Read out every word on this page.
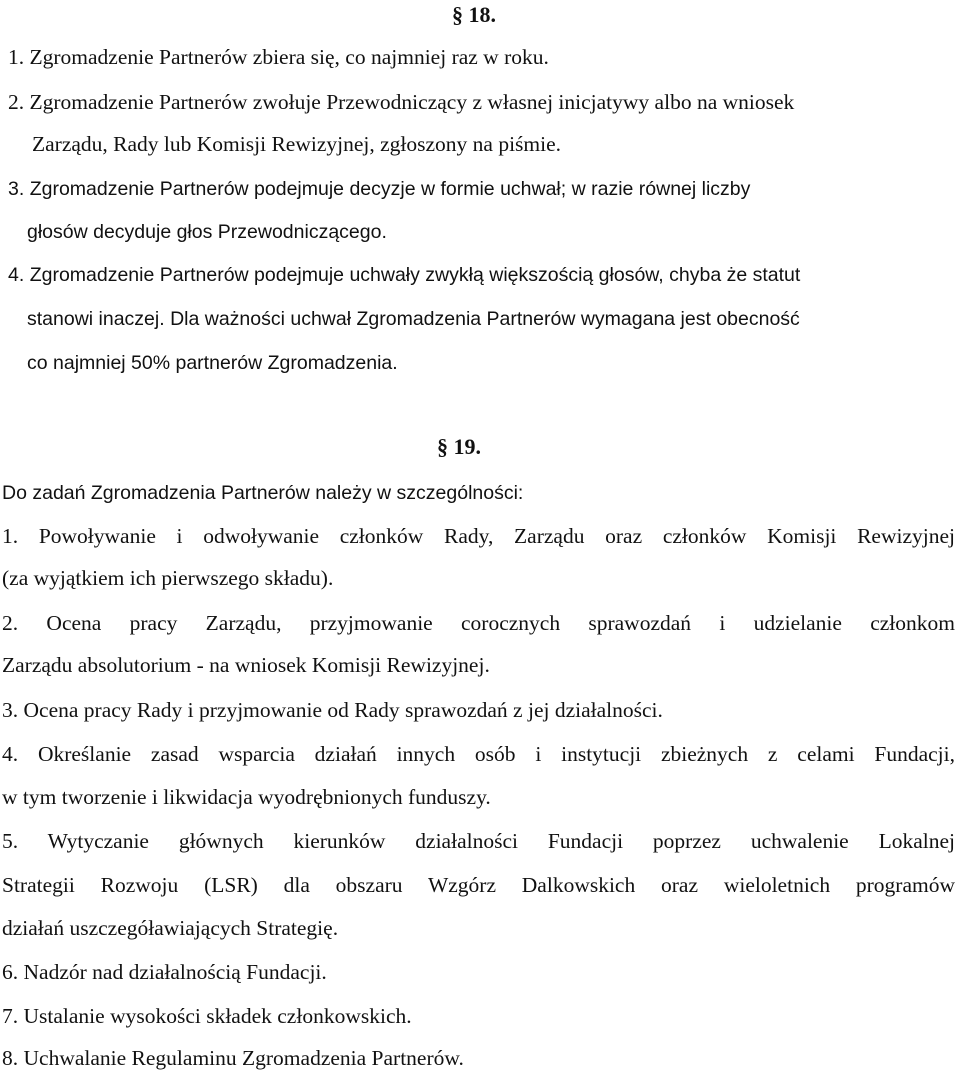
§ 18.
1. Zgromadzenie Partnerów zbiera się, co najmniej raz w roku.
2. Zgromadzenie Partnerów zwołuje Przewodniczący z własnej inicjatywy albo na wniosek
Zarządu, Rady lub Komisji Rewizyjnej, zgłoszony na piśmie.
3. Zgromadzenie Partnerów podejmuje decyzje w formie uchwał; w razie równej liczby
głosów decyduje głos Przewodniczącego.
4. Zgromadzenie Partnerów podejmuje uchwały zwykłą większością głosów, chyba że statut
stanowi inaczej. Dla ważności uchwał Zgromadzenia Partnerów wymagana jest obecność
co najmniej 50% partnerów Zgromadzenia.
§ 19.
Do zadań Zgromadzenia Partnerów należy w szczególności:
1. Powoływanie i odwoływanie członków Rady, Zarządu oraz członków Komisji Rewizyjnej
(za wyjątkiem ich pierwszego składu).
2. Ocena pracy Zarządu, przyjmowanie corocznych sprawozdań i udzielanie członkom
Zarządu absolutorium - na wniosek Komisji Rewizyjnej.
3. Ocena pracy Rady i przyjmowanie od Rady sprawozdań z jej działalności.
4. Określanie zasad wsparcia działań innych osób i instytucji zbieżnych z celami Fundacji,
w tym tworzenie i likwidacja wyodrębnionych funduszy.
5. Wytyczanie głównych kierunków działalności Fundacji poprzez uchwalenie Lokalnej
Strategii Rozwoju (LSR) dla obszaru Wzgórz Dalkowskich oraz wieloletnich programów
działań uszczegóławiających Strategię.
6. Nadzór nad działalnością Fundacji.
7. Ustalanie wysokości składek członkowskich.
8. Uchwalanie Regulaminu Zgromadzenia Partnerów.
